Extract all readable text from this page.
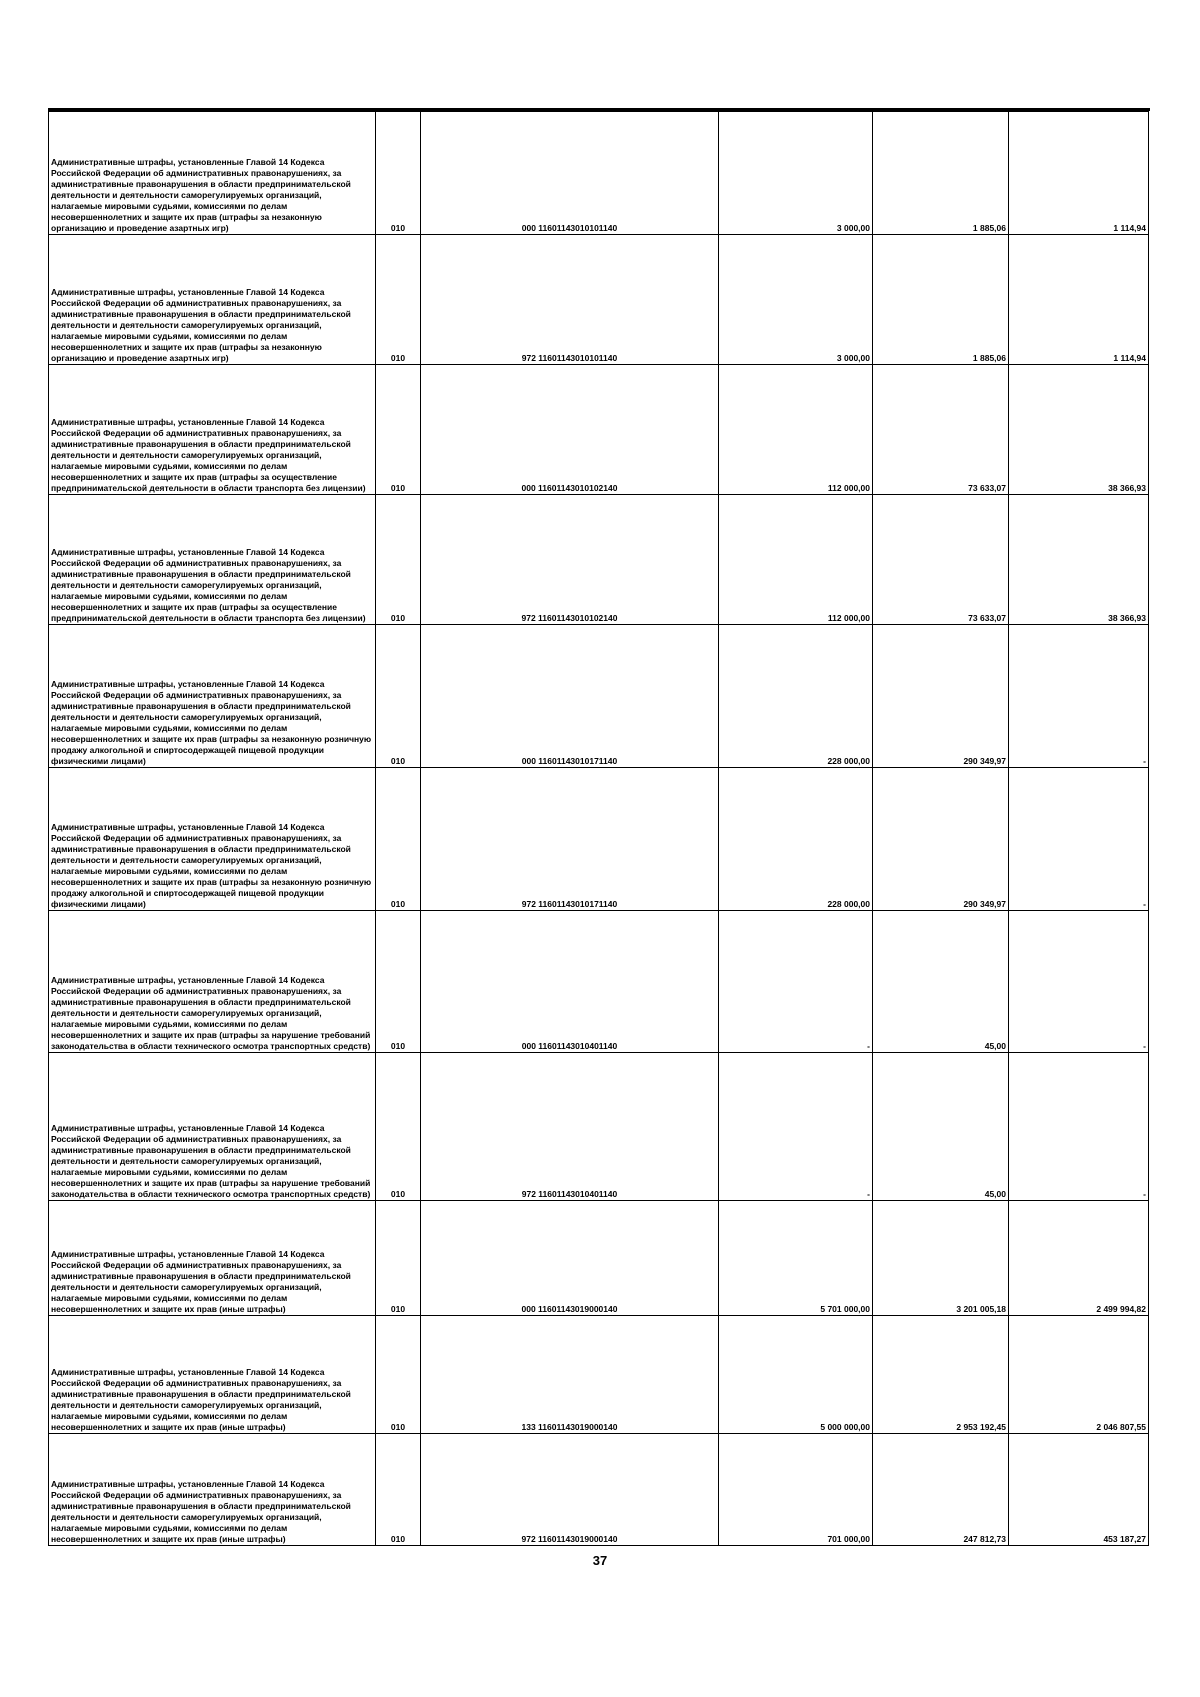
Административные штрафы, установленные Главой 14 Кодекса Российской Федерации об административных правонарушениях, за административные правонарушения в области предпринимательской деятельности и деятельности саморегулируемых организаций, налагаемые мировыми судьями, комиссиями по делам несовершеннолетних и защите их прав (штрафы за незаконную организацию и проведение азартных игр)	010	000 11601143010101140	3 000,00	1 885,06	1 114,94
Административные штрафы, установленные Главой 14 Кодекса Российской Федерации об административных правонарушениях, за административные правонарушения в области предпринимательской деятельности и деятельности саморегулируемых организаций, налагаемые мировыми судьями, комиссиями по делам несовершеннолетних и защите их прав (штрафы за незаконную организацию и проведение азартных игр)	010	972 11601143010101140	3 000,00	1 885,06	1 114,94
Административные штрафы, установленные Главой 14 Кодекса Российской Федерации об административных правонарушениях, за административные правонарушения в области предпринимательской деятельности и деятельности саморегулируемых организаций, налагаемые мировыми судьями, комиссиями по делам несовершеннолетних и защите их прав (штрафы за осуществление предпринимательской деятельности в области транспорта без лицензии)	010	000 11601143010102140	112 000,00	73 633,07	38 366,93
Административные штрафы, установленные Главой 14 Кодекса Российской Федерации об административных правонарушениях, за административные правонарушения в области предпринимательской деятельности и деятельности саморегулируемых организаций, налагаемые мировыми судьями, комиссиями по делам несовершеннолетних и защите их прав (штрафы за осуществление предпринимательской деятельности в области транспорта без лицензии)	010	972 11601143010102140	112 000,00	73 633,07	38 366,93
Административные штрафы, установленные Главой 14 Кодекса Российской Федерации об административных правонарушениях, за административные правонарушения в области предпринимательской деятельности и деятельности саморегулируемых организаций, налагаемые мировыми судьями, комиссиями по делам несовершеннолетних и защите их прав (штрафы за незаконную розничную продажу алкогольной и спиртосодержащей пищевой продукции физическими лицами)	010	000 11601143010171140	228 000,00	290 349,97	-
Административные штрафы, установленные Главой 14 Кодекса Российской Федерации об административных правонарушениях, за административные правонарушения в области предпринимательской деятельности и деятельности саморегулируемых организаций, налагаемые мировыми судьями, комиссиями по делам несовершеннолетних и защите их прав (штрафы за незаконную розничную продажу алкогольной и спиртосодержащей пищевой продукции физическими лицами)	010	972 11601143010171140	228 000,00	290 349,97	-
Административные штрафы, установленные Главой 14 Кодекса Российской Федерации об административных правонарушениях, за административные правонарушения в области предпринимательской деятельности и деятельности саморегулируемых организаций, налагаемые мировыми судьями, комиссиями по делам несовершеннолетних и защите их прав (штрафы за нарушение требований законодательства в области технического осмотра транспортных средств)	010	000 11601143010401140	-	45,00	-
Административные штрафы, установленные Главой 14 Кодекса Российской Федерации об административных правонарушениях, за административные правонарушения в области предпринимательской деятельности и деятельности саморегулируемых организаций, налагаемые мировыми судьями, комиссиями по делам несовершеннолетних и защите их прав (штрафы за нарушение требований законодательства в области технического осмотра транспортных средств)	010	972 11601143010401140	-	45,00	-
Административные штрафы, установленные Главой 14 Кодекса Российской Федерации об административных правонарушениях, за административные правонарушения в области предпринимательской деятельности и деятельности саморегулируемых организаций, налагаемые мировыми судьями, комиссиями по делам несовершеннолетних и защите их прав (иные штрафы)	010	000 11601143019000140	5 701 000,00	3 201 005,18	2 499 994,82
Административные штрафы, установленные Главой 14 Кодекса Российской Федерации об административных правонарушениях, за административные правонарушения в области предпринимательской деятельности и деятельности саморегулируемых организаций, налагаемые мировыми судьями, комиссиями по делам несовершеннолетних и защите их прав (иные штрафы)	010	133 11601143019000140	5 000 000,00	2 953 192,45	2 046 807,55
Административные штрафы, установленные Главой 14 Кодекса Российской Федерации об административных правонарушениях, за административные правонарушения в области предпринимательской деятельности и деятельности саморегулируемых организаций, налагаемые мировыми судьями, комиссиями по делам несовершеннолетних и защите их прав (иные штрафы)	010	972 11601143019000140	701 000,00	247 812,73	453 187,27
37
